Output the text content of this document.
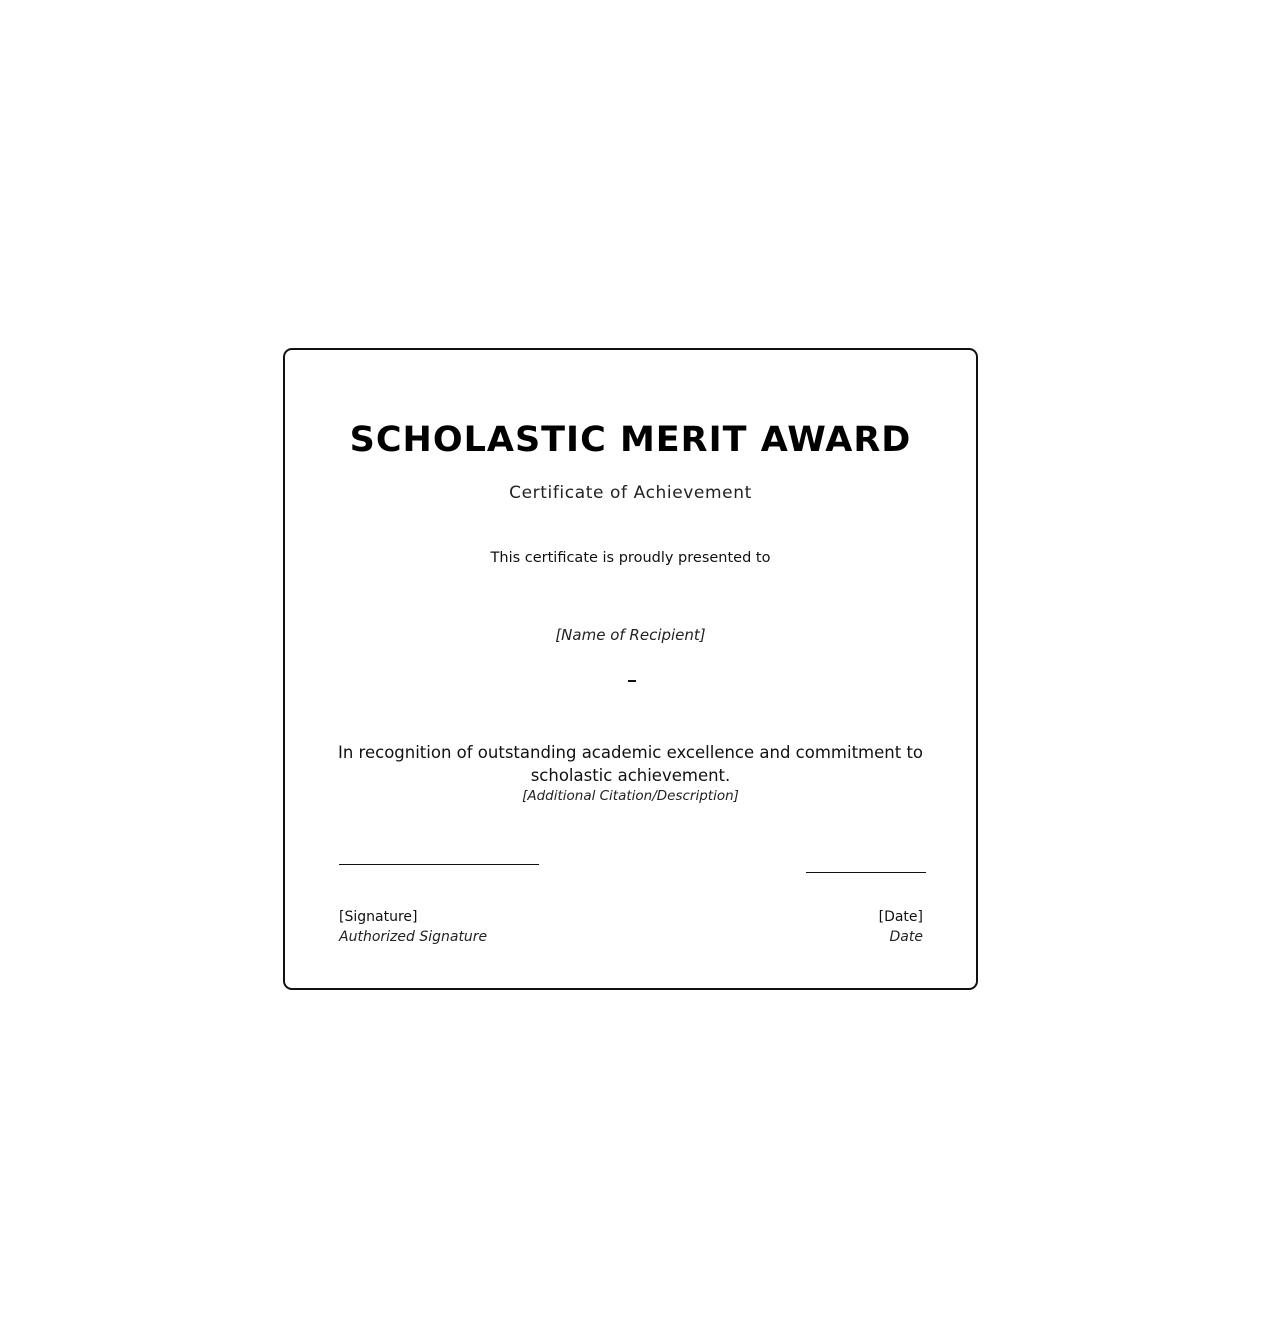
SCHOLASTIC MERIT AWARD
Certificate of Achievement
This certificate is proudly presented to
[Name of Recipient]
In recognition of outstanding academic excellence and commitment to scholastic achievement.
[Additional Citation/Description]
[Signature]
Authorized Signature
[Date]
Date
